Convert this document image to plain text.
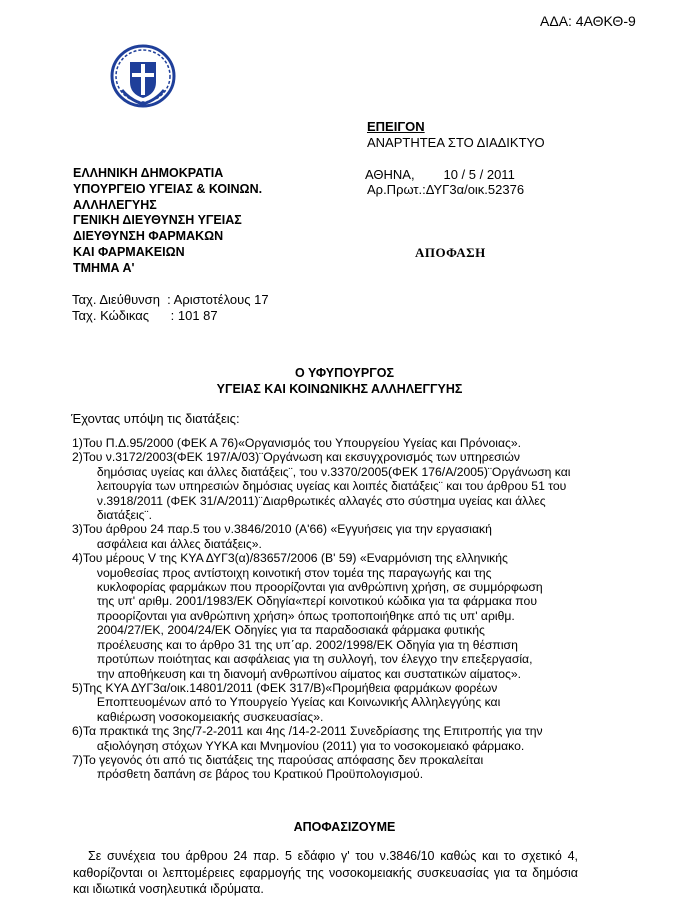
ΑΔΑ: 4ΑΘΚΘ-9
ΕΠΕΙΓΟΝ
ΑΝΑΡΤΗΤΕΑ ΣΤΟ ΔΙΑΔΙΚΤΥΟ
ΑΘΗΝΑ, 10 / 5 / 2011
Αρ.Πρωτ.:ΔΥΓ3α/οικ.52376
ΕΛΛΗΝΙΚΗ ΔΗΜΟΚΡΑΤΙΑ
ΥΠΟΥΡΓΕΙΟ ΥΓΕΙΑΣ & ΚΟΙΝΩΝ.
ΑΛΛΗΛΕΓΥΗΣ
ΓΕΝΙΚΗ ΔΙΕΥΘΥΝΣΗ ΥΓΕΙΑΣ
ΔΙΕΥΘΥΝΣΗ ΦΑΡΜΑΚΩΝ
ΚΑΙ ΦΑΡΜΑΚΕΙΩΝ
ΤΜΗΜΑ Α'
ΑΠΟΦΑΣΗ
Ταχ. Διεύθυνση : Αριστοτέλους 17
Ταχ. Κώδικας : 101 87
Ο ΥΦΥΠΟΥΡΓΟΣ
ΥΓΕΙΑΣ ΚΑΙ ΚΟΙΝΩΝΙΚΗΣ ΑΛΛΗΛΕΓΓΥΗΣ
Έχοντας υπόψη τις διατάξεις:
1) Του Π.Δ.95/2000 (ΦΕΚ Α 76)«Οργανισμός του Υπουργείου Υγείας και Πρόνοιας».
2) Του ν.3172/2003(ΦΕΚ 197/Α/03)¨Οργάνωση και εκσυγχρονισμός των υπηρεσιών
δημόσιας υγείας και άλλες διατάξεις¨, του ν.3370/2005(ΦΕΚ 176/Α/2005)¨Οργάνωση και
λειτουργία των υπηρεσιών δημόσιας υγείας και λοιπές διατάξεις¨ και του άρθρου 51 του
ν.3918/2011 (ΦΕΚ 31/Α/2011)¨Διαρθρωτικές αλλαγές στο σύστημα υγείας και άλλες
διατάξεις¨.
3) Του άρθρου 24 παρ.5 του ν.3846/2010 (Α'66) «Εγγυήσεις για την εργασιακή
ασφάλεια και άλλες διατάξεις».
4) Του μέρους V της ΚΥΑ ΔΥΓ3(α)/83657/2006 (Β' 59) «Εναρμόνιση της ελληνικής
νομοθεσίας προς αντίστοιχη κοινοτική στον τομέα της παραγωγής και της
κυκλοφορίας φαρμάκων που προορίζονται για ανθρώπινη χρήση, σε συμμόρφωση
της υπ' αριθμ. 2001/1983/ΕΚ Οδηγία«περί κοινοτικού κώδικα για τα φάρμακα που
προορίζονται για ανθρώπινη χρήση» όπως τροποποιήθηκε από τις υπ' αριθμ.
2004/27/ΕΚ, 2004/24/ΕΚ Οδηγίες για τα παραδοσιακά φάρμακα φυτικής
προέλευσης και το άρθρο 31 της υπ΄αρ. 2002/1998/ΕΚ Οδηγία για τη θέσπιση
προτύπων ποιότητας και ασφάλειας για τη συλλογή, τον έλεγχο την επεξεργασία,
την αποθήκευση και τη διανομή ανθρωπίνου αίματος και συστατικών αίματος».
5) Της ΚΥΑ ΔΥΓ3α/οικ.14801/2011 (ΦΕΚ 317/Β)«Προμήθεια φαρμάκων φορέων
Εποπτευομένων από το Υπουργείο Υγείας και Κοινωνικής Αλληλεγγύης και
καθιέρωση νοσοκομειακής συσκευασίας».
6) Τα πρακτικά της 3ης/7-2-2011 και 4ης /14-2-2011 Συνεδρίασης της Επιτροπής για την
αξιολόγηση στόχων ΥΥΚΑ και Μνημονίου (2011) για το νοσοκομειακό φάρμακο.
7) Το γεγονός ότι από τις διατάξεις της παρούσας απόφασης δεν προκαλείται
πρόσθετη δαπάνη σε βάρος του Κρατικού Προϋπολογισμού.
ΑΠΟΦΑΣΙΖΟΥΜΕ
Σε συνέχεια του άρθρου 24 παρ. 5 εδάφιο γ' του ν.3846/10 καθώς και το σχετικό 4, καθορίζονται οι λεπτομέρειες εφαρμογής της νοσοκομειακής συσκευασίας για τα δημόσια και ιδιωτικά νοσηλευτικά ιδρύματα.
